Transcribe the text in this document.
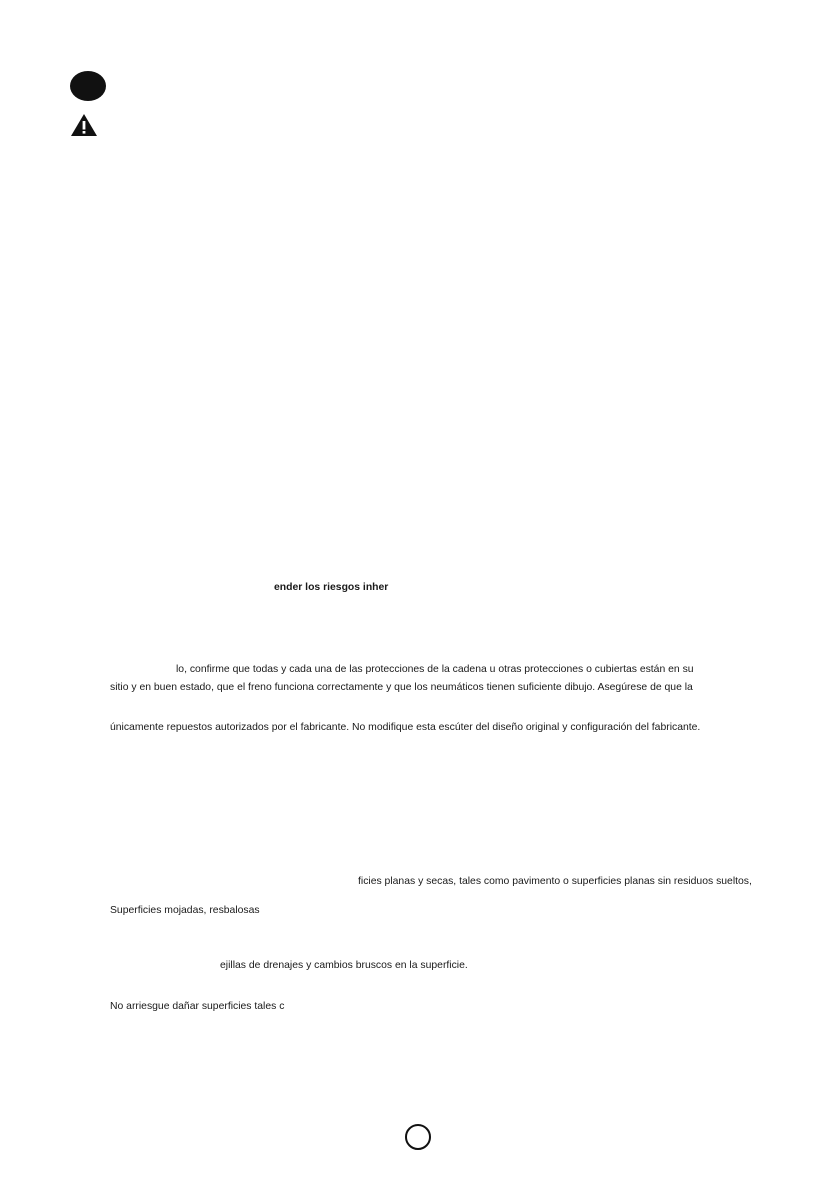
ender los riesgos inher
lo, confirme que todas y cada una de las protecciones de la cadena u otras protecciones o cubiertas están en su
sitio y en buen estado, que el freno funciona correctamente y que los neumáticos tienen suficiente dibujo. Asegúrese de que la
únicamente repuestos autorizados por el fabricante. No modifique esta escúter del diseño original y configuración del fabricante.
ficies planas y secas, tales como pavimento o superficies planas sin residuos sueltos,
Superficies mojadas, resbalosas
ejillas de drenajes y cambios bruscos en la superficie.
No arriesgue dañar superficies tales c
